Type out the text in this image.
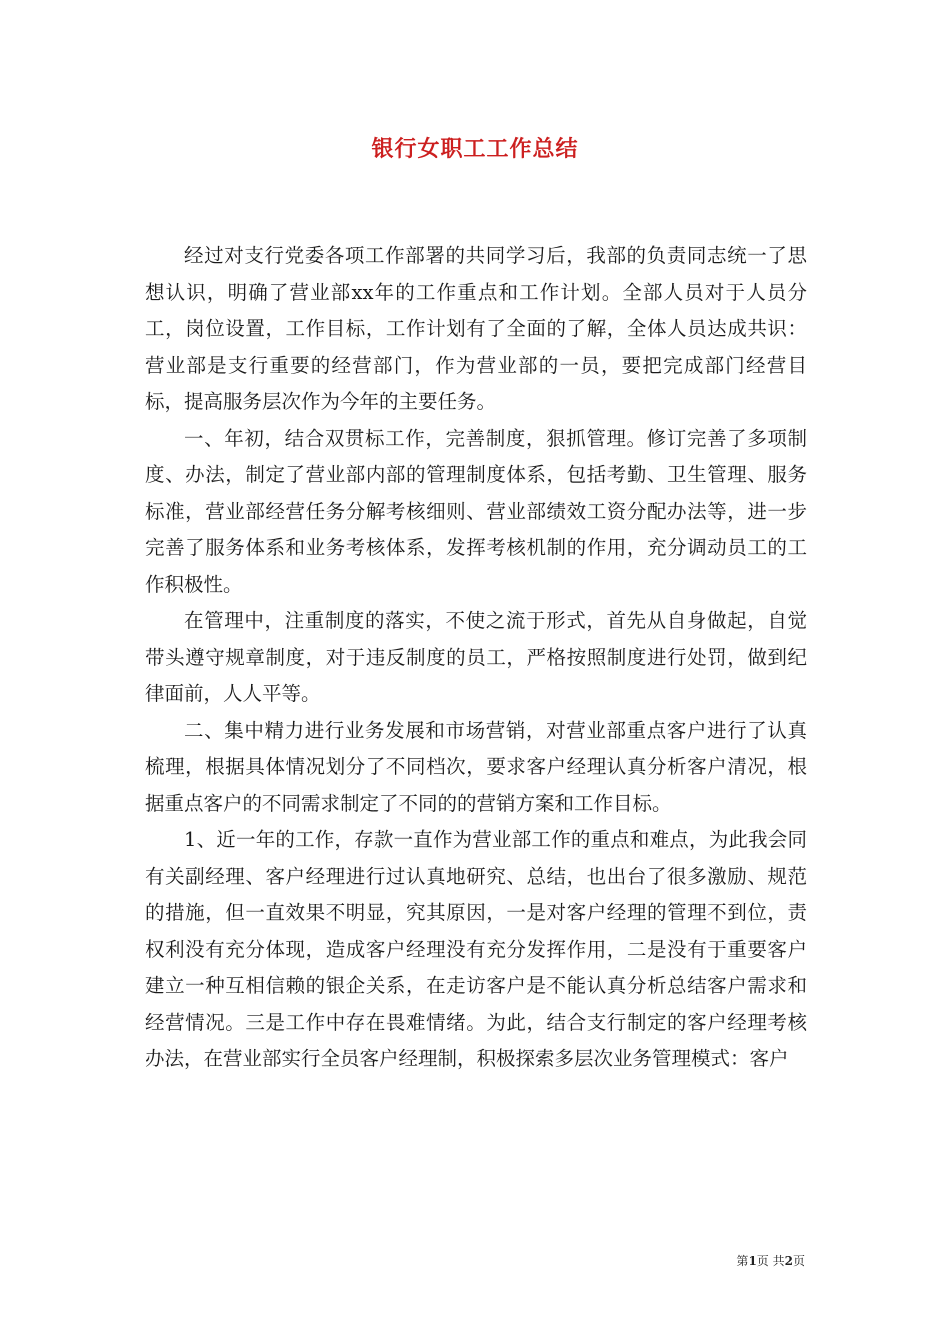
银行女职工工作总结

经过对支行党委各项工作部署的共同学习后，我部的负责同志统一了思想认识，明确了营业部xx年的工作重点和工作计划。全部人员对于人员分工，岗位设置，工作目标，工作计划有了全面的了解，全体人员达成共识：营业部是支行重要的经营部门，作为营业部的一员，要把完成部门经营目标，提高服务层次作为今年的主要任务。

一、年初，结合双贯标工作，完善制度，狠抓管理。修订完善了多项制度、办法，制定了营业部内部的管理制度体系，包括考勤、卫生管理、服务标准，营业部经营任务分解考核细则、营业部绩效工资分配办法等，进一步完善了服务体系和业务考核体系，发挥考核机制的作用，充分调动员工的工作积极性。

在管理中，注重制度的落实，不使之流于形式，首先从自身做起，自觉带头遵守规章制度，对于违反制度的员工，严格按照制度进行处罚，做到纪律面前，人人平等。

二、集中精力进行业务发展和市场营销，对营业部重点客户进行了认真梳理，根据具体情况划分了不同档次，要求客户经理认真分析客户清况，根据重点客户的不同需求制定了不同的的营销方案和工作目标。

1、近一年的工作，存款一直作为营业部工作的重点和难点，为此我会同有关副经理、客户经理进行过认真地研究、总结，也出台了很多激励、规范的措施，但一直效果不明显，究其原因，一是对客户经理的管理不到位，责权利没有充分体现，造成客户经理没有充分发挥作用，二是没有于重要客户建立一种互相信赖的银企关系，在走访客户是不能认真分析总结客户需求和经营情况。三是工作中存在畏难情绪。为此，结合支行制定的客户经理考核办法，在营业部实行全员客户经理制，积极探索多层次业务管理模式：客户

第1页 共2页
